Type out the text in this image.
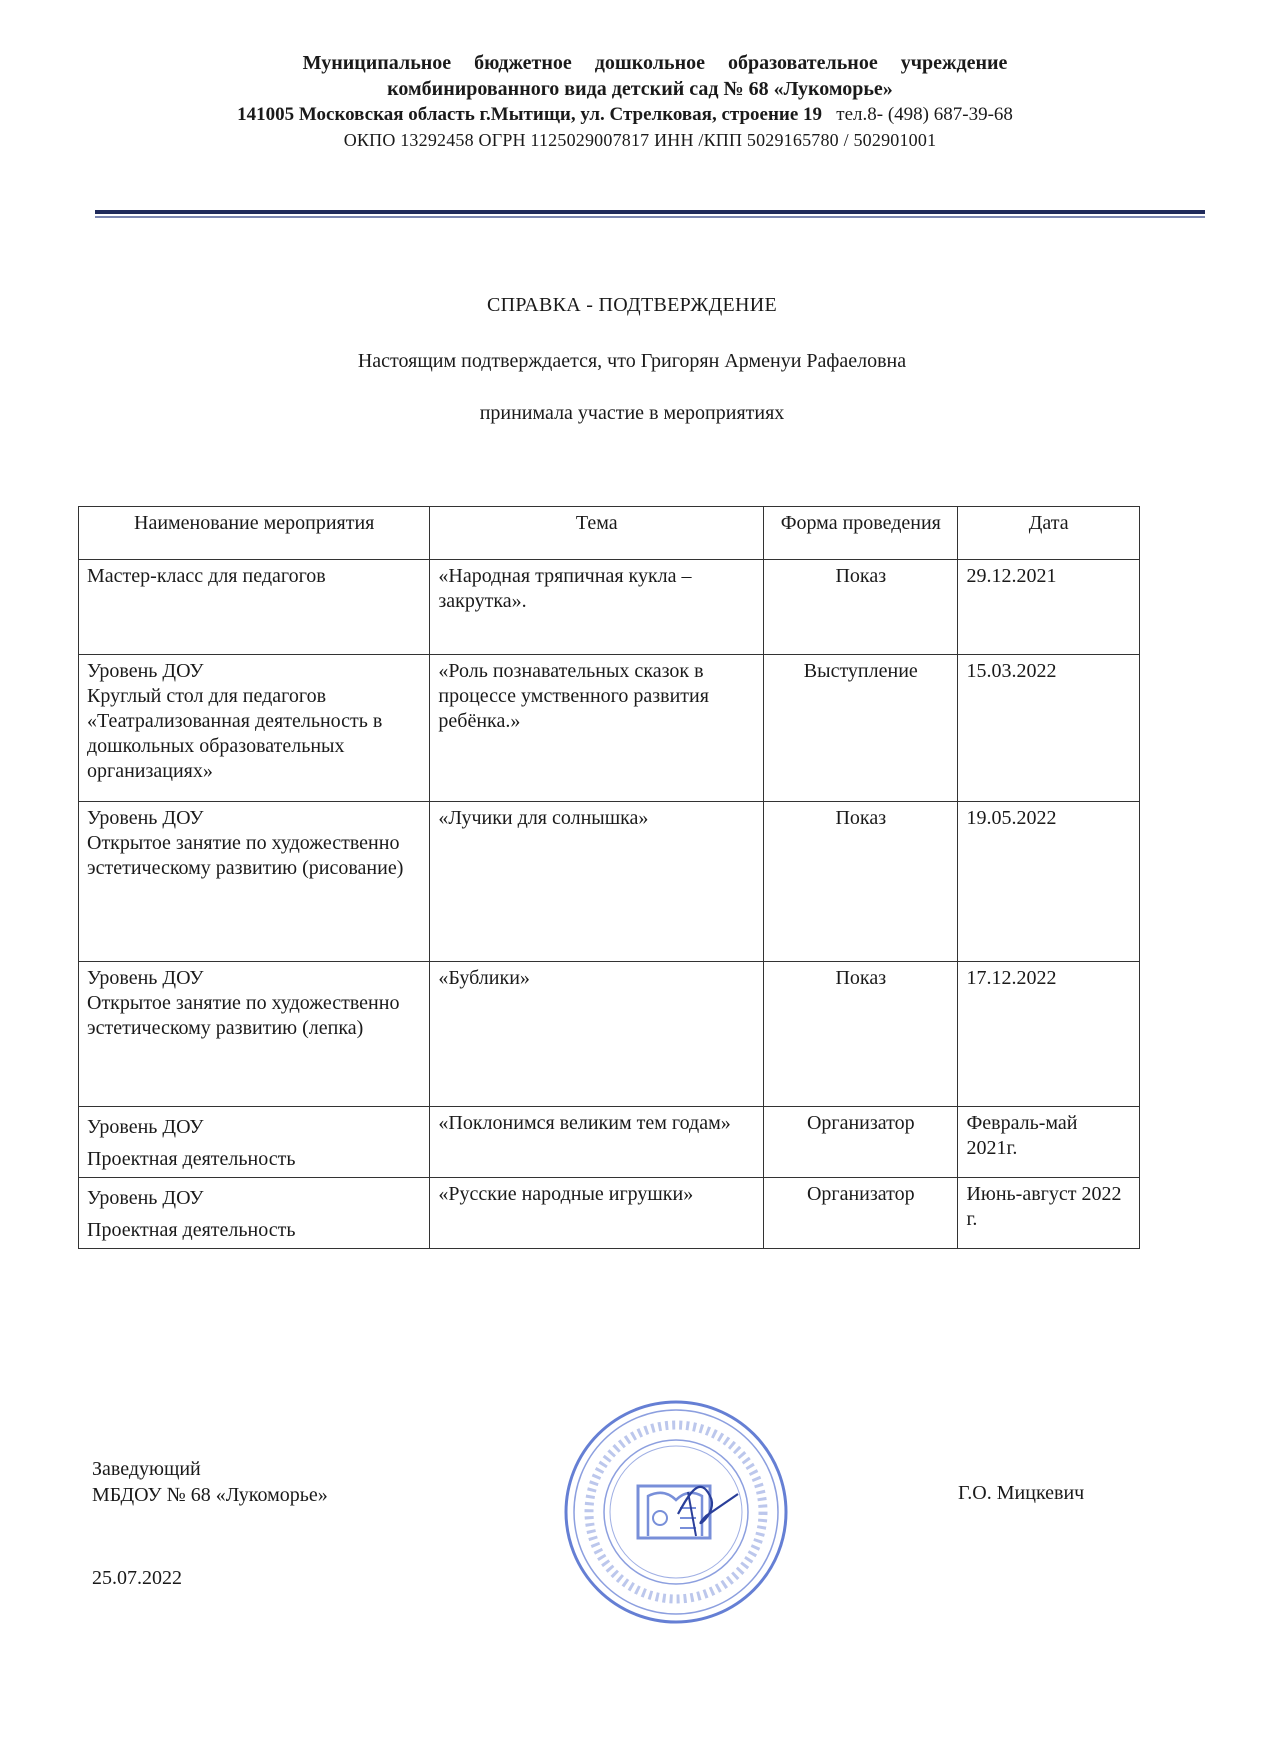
Муниципальное бюджетное дошкольное образовательное учреждение
комбинированного вида детский сад № 68 «Лукоморье»
141005 Московская область г.Мытищи, ул. Стрелковая, строение 19 тел.8- (498) 687-39-68
ОКПО 13292458 ОГРН 1125029007817 ИНН /КПП 5029165780 / 502901001
СПРАВКА - ПОДТВЕРЖДЕНИЕ
Настоящим подтверждается, что Григорян Арменуи Рафаеловна
принимала участие в мероприятиях
Наименование мероприятия	Тема	Форма проведения	Дата
Мастер-класс для педагогов	«Народная тряпичная кукла – закрутка».	Показ	29.12.2021
Уровень ДОУ
Круглый стол для педагогов «Театрализованная деятельность в дошкольных образовательных организациях»	«Роль познавательных сказок в процессе умственного развития ребёнка.»	Выступление	15.03.2022
Уровень ДОУ
Открытое занятие по художественно эстетическому развитию (рисование)	«Лучики для солнышка»	Показ	19.05.2022
Уровень ДОУ
Открытое занятие по художественно эстетическому развитию (лепка)	«Бублики»	Показ	17.12.2022
Уровень ДОУ
Проектная деятельность	«Поклонимся великим тем годам»	Организатор	Февраль-май 2021г.
Уровень ДОУ
Проектная деятельность	«Русские народные игрушки»	Организатор	Июнь-август 2022 г.
Заведующий
МБДОУ № 68 «Лукоморье»	Г.О. Мицкевич
25.07.2022
